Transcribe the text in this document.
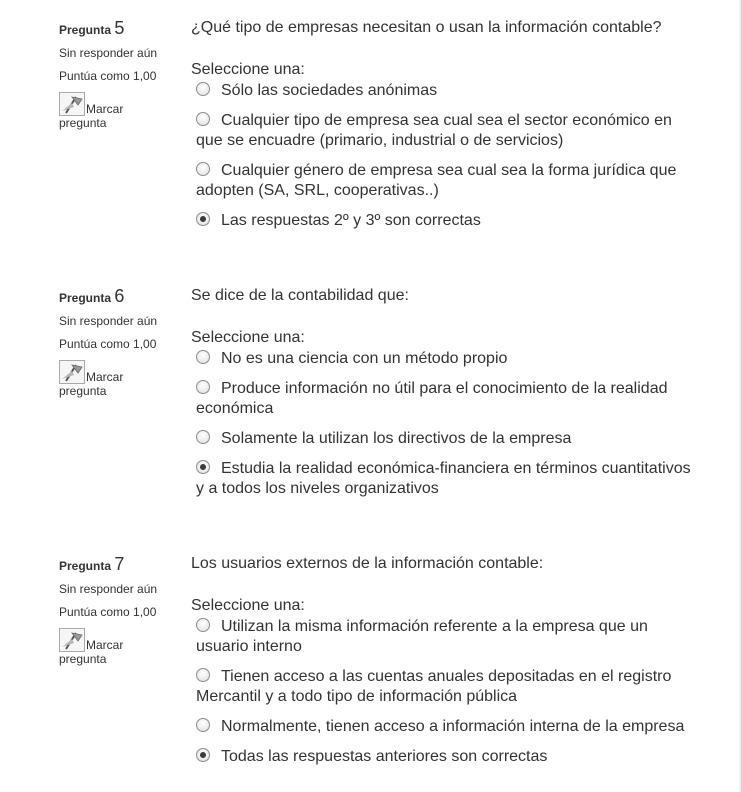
Pregunta 5
Sin responder aún
Puntúa como 1,00
Marcar
pregunta

¿Qué tipo de empresas necesitan o usan la información contable?

Seleccione una:
Sólo las sociedades anónimas
Cualquier tipo de empresa sea cual sea el sector económico en que se encuadre (primario, industrial o de servicios)
Cualquier género de empresa sea cual sea la forma jurídica que adopten (SA, SRL, cooperativas..)
Las respuestas 2º y 3º son correctas
Pregunta 6
Sin responder aún
Puntúa como 1,00
Marcar
pregunta

Se dice de la contabilidad que:

Seleccione una:
No es una ciencia con un método propio
Produce información no útil para el conocimiento de la realidad económica
Solamente la utilizan los directivos de la empresa
Estudia la realidad económica-financiera en términos cuantitativos y a todos los niveles organizativos
Pregunta 7
Sin responder aún
Puntúa como 1,00
Marcar
pregunta

Los usuarios externos de la información contable:

Seleccione una:
Utilizan la misma información referente a la empresa que un usuario interno
Tienen acceso a las cuentas anuales depositadas en el registro Mercantil y a todo tipo de información pública
Normalmente, tienen acceso a información interna de la empresa
Todas las respuestas anteriores son correctas
